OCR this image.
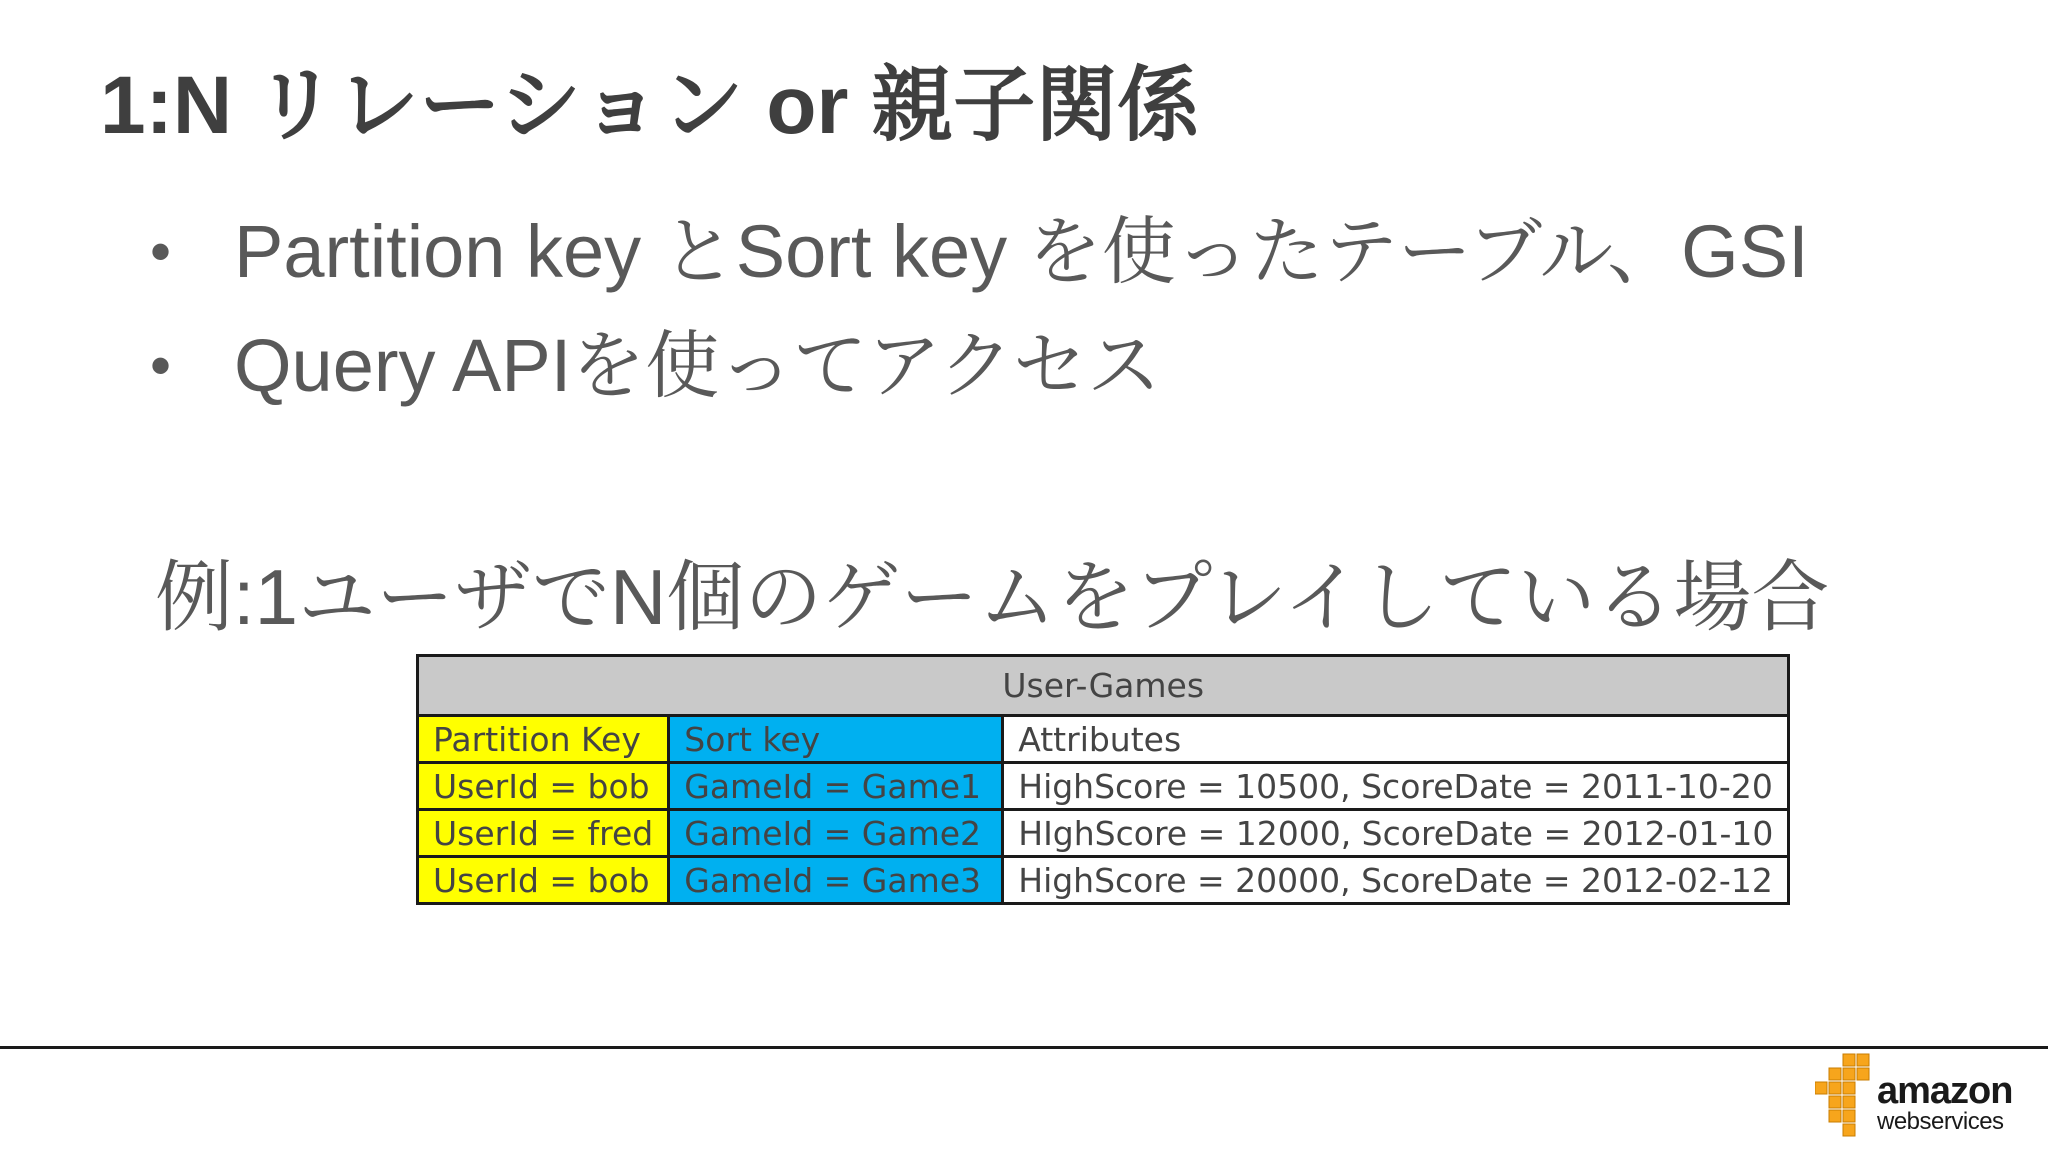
1:N リレーション or 親子関係
• Partition key とSort key を使ったテーブル、GSI
• Query APIを使ってアクセス
例:1ユーザでN個のゲームをプレイしている場合
User-Games		
Partition Key	Sort key	Attributes
UserId = bob	GameId = Game1	HighScore = 10500, ScoreDate = 2011-10-20
UserId = fred	GameId = Game2	HIghScore = 12000, ScoreDate = 2012-01-10
UserId = bob	GameId = Game3	HighScore = 20000, ScoreDate = 2012-02-12
amazon
webservices
